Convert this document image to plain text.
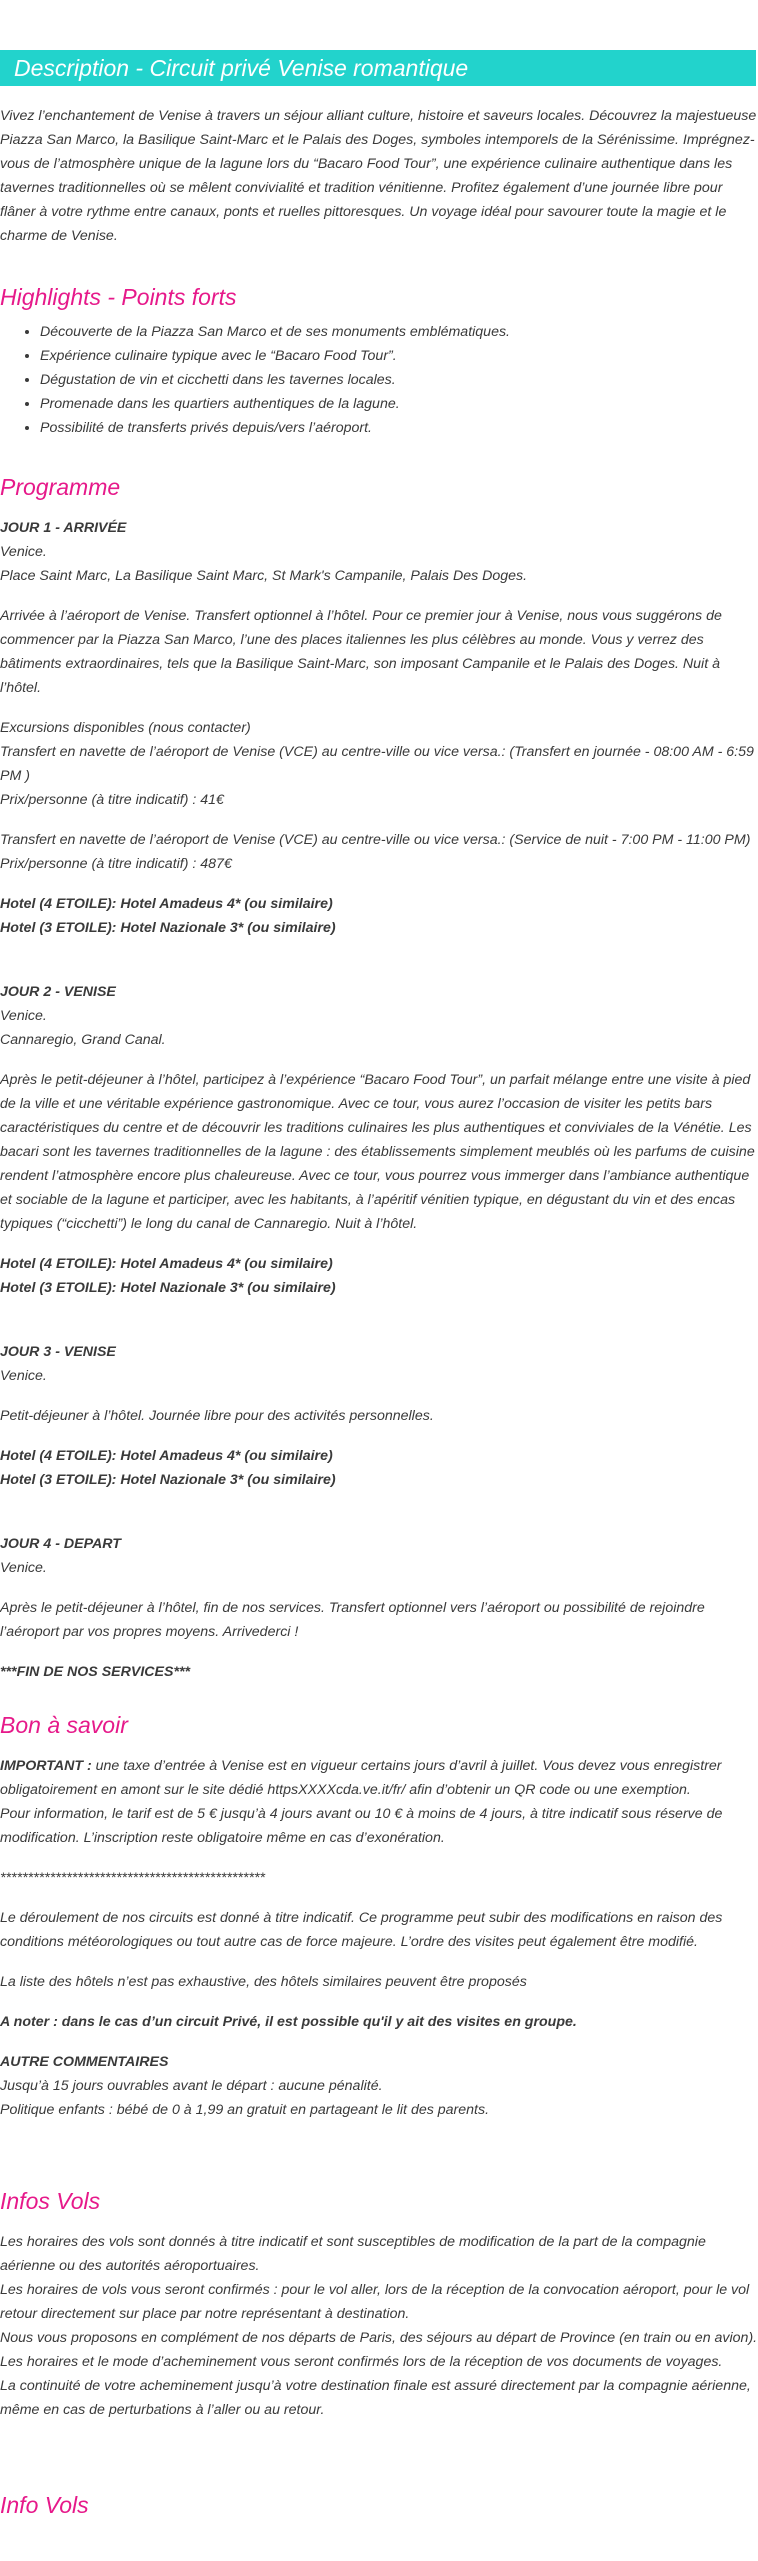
Description - Circuit privé Venise romantique

Vivez l’enchantement de Venise à travers un séjour alliant culture, histoire et saveurs locales. Découvrez la majestueuse Piazza San Marco, la Basilique Saint-Marc et le Palais des Doges, symboles intemporels de la Sérénissime. Imprégnez-vous de l’atmosphère unique de la lagune lors du “Bacaro Food Tour”, une expérience culinaire authentique dans les tavernes traditionnelles où se mêlent convivialité et tradition vénitienne. Profitez également d’une journée libre pour flâner à votre rythme entre canaux, ponts et ruelles pittoresques. Un voyage idéal pour savourer toute la magie et le charme de Venise.

Highlights - Points forts
• Découverte de la Piazza San Marco et de ses monuments emblématiques.
• Expérience culinaire typique avec le “Bacaro Food Tour”.
• Dégustation de vin et cicchetti dans les tavernes locales.
• Promenade dans les quartiers authentiques de la lagune.
• Possibilité de transferts privés depuis/vers l’aéroport.
Programme
JOUR 1 - ARRIVÉE
Venice.
Place Saint Marc, La Basilique Saint Marc, St Mark's Campanile, Palais Des Doges.

Arrivée à l’aéroport de Venise. Transfert optionnel à l’hôtel. Pour ce premier jour à Venise, nous vous suggérons de commencer par la Piazza San Marco, l’une des places italiennes les plus célèbres au monde. Vous y verrez des bâtiments extraordinaires, tels que la Basilique Saint-Marc, son imposant Campanile et le Palais des Doges. Nuit à l’hôtel.

Excursions disponibles (nous contacter)
Transfert en navette de l’aéroport de Venise (VCE) au centre-ville ou vice versa.: (Transfert en journée - 08:00 AM - 6:59 PM )
Prix/personne (à titre indicatif) : 41€
Transfert en navette de l’aéroport de Venise (VCE) au centre-ville ou vice versa.: (Service de nuit - 7:00 PM - 11:00 PM)
Prix/personne (à titre indicatif) : 487€
Hotel (4 ETOILE): Hotel Amadeus 4* (ou similaire)
Hotel (3 ETOILE): Hotel Nazionale 3* (ou similaire)
JOUR 2 - VENISE
Venice.
Cannaregio, Grand Canal.

Après le petit-déjeuner à l’hôtel, participez à l’expérience “Bacaro Food Tour”, un parfait mélange entre une visite à pied de la ville et une véritable expérience gastronomique. Avec ce tour, vous aurez l’occasion de visiter les petits bars caractéristiques du centre et de découvrir les traditions culinaires les plus authentiques et conviviales de la Vénétie. Les bacari sont les tavernes traditionnelles de la lagune : des établissements simplement meublés où les parfums de cuisine rendent l’atmosphère encore plus chaleureuse. Avec ce tour, vous pourrez vous immerger dans l’ambiance authentique et sociable de la lagune et participer, avec les habitants, à l’apéritif vénitien typique, en dégustant du vin et des encas typiques (“cicchetti”) le long du canal de Cannaregio. Nuit à l’hôtel.

Hotel (4 ETOILE): Hotel Amadeus 4* (ou similaire)
Hotel (3 ETOILE): Hotel Nazionale 3* (ou similaire)
JOUR 3 - VENISE
Venice.

Petit-déjeuner à l’hôtel. Journée libre pour des activités personnelles.

Hotel (4 ETOILE): Hotel Amadeus 4* (ou similaire)
Hotel (3 ETOILE): Hotel Nazionale 3* (ou similaire)
JOUR 4 - DEPART
Venice.

Après le petit-déjeuner à l’hôtel, fin de nos services. Transfert optionnel vers l’aéroport ou possibilité de rejoindre l’aéroport par vos propres moyens. Arrivederci !

***FIN DE NOS SERVICES***

Bon à savoir

IMPORTANT : une taxe d’entrée à Venise est en vigueur certains jours d’avril à juillet. Vous devez vous enregistrer obligatoirement en amont sur le site dédié httpsXXXXcda.ve.it/fr/ afin d’obtenir un QR code ou une exemption.

Pour information, le tarif est de 5 € jusqu’à 4 jours avant ou 10 € à moins de 4 jours, à titre indicatif sous réserve de modification. L’inscription reste obligatoire même en cas d’exonération.

************************************************

Le déroulement de nos circuits est donné à titre indicatif. Ce programme peut subir des modifications en raison des conditions météorologiques ou tout autre cas de force majeure. L’ordre des visites peut également être modifié.

La liste des hôtels n’est pas exhaustive, des hôtels similaires peuvent être proposés

A noter : dans le cas d’un circuit Privé, il est possible qu'il y ait des visites en groupe.

AUTRE COMMENTAIRES
Jusqu’à 15 jours ouvrables avant le départ : aucune pénalité.
Politique enfants : bébé de 0 à 1,99 an gratuit en partageant le lit des parents.
Infos Vols
Les horaires des vols sont donnés à titre indicatif et sont susceptibles de modification de la part de la compagnie aérienne ou des autorités aéroportuaires.
Les horaires de vols vous seront confirmés : pour le vol aller, lors de la réception de la convocation aéroport, pour le vol retour directement sur place par notre représentant à destination.
Nous vous proposons en complément de nos départs de Paris, des séjours au départ de Province (en train ou en avion).
Les horaires et le mode d’acheminement vous seront confirmés lors de la réception de vos documents de voyages.
La continuité de votre acheminement jusqu’à votre destination finale est assuré directement par la compagnie aérienne, même en cas de perturbations à l’aller ou au retour.
Info Vols
